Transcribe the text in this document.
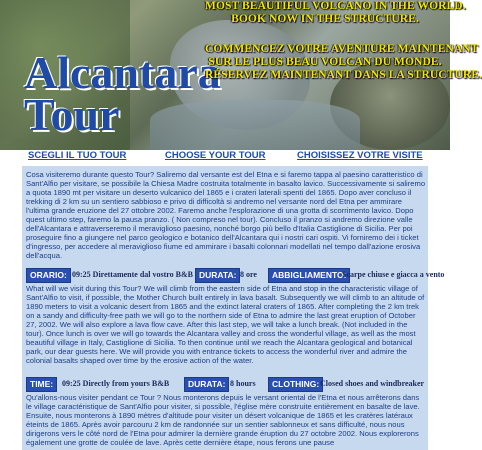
Alcantara
Tour
MOST BEAUTIFUL VOLCANO IN THE WORLD.
BOOK NOW IN THE STRUCTURE.
COMMENCEZ VOTRE AVENTURE MAINTENANT
SUR LE PLUS BEAU VOLCAN DU MONDE.
RÉSERVEZ MAINTENANT DANS LA STRUCTURE.
SCEGLI IL TUO TOUR	CHOOSE YOUR TOUR	CHOISISSEZ VOTRE VISITE

Cosa visiteremo durante questo Tour? Saliremo dal versante est del Etna e si faremo tappa al paesino caratteristico di Sant'Alfio per visitare, se possibile la Chiesa Madre costruita totalmente in basalto lavico. Successivamente si saliremo a quota 1890 mt per visitare un deserto vulcanico del 1865 e i crateri laterali spenti del 1865. Dopo aver concluso il trekking di 2 km su un sentiero sabbioso e privo di difficoltà si andremo nel versante nord del Etna per ammirare l'ultima grande eruzione del 27 ottobre 2002. Faremo anche l'esplorazione di una grotta di scorrimento lavico. Dopo quest ultimo step, faremo la pausa pranzo. ( Non compreso nel tour). Concluso il pranzo si andremo direzione valle dell'Alcantara e attraverseremo il meraviglioso paesino, nonché borgo più bello d'Italia Castiglione di Sicilia. Per poi proseguire fino a giungere nel parco geologico e botanico dell'Alcantara qui i nostri cari ospiti. Vi forniremo dei i ticket d'ingresso, per accedere al meraviglioso fiume ed ammirare i basalti colonnari modellati nel tempo dall'azione erosiva dell'acqua.

ORARIO: 09:25 Direttamente dal vostro B&B DURATA: 8 ore	ABBIGLIAMENTO:
Scarpe chiuse e giacca a vento

What will we visit during this Tour? We will climb from the eastern side of Etna and stop in the characteristic village of Sant'Alfio to visit, if possible, the Mother Church built entirely in lava basalt. Subsequently we will climb to an altitude of 1890 meters to visit a volcanic desert from 1865 and the extinct lateral craters of 1865. After completing the 2 km trek on a sandy and difficulty-free path we will go to the northern side of Etna to admire the last great eruption of October 27, 2002. We will also explore a lava flow cave. After this last step, we will take a lunch break. (Not included in the tour). Once lunch is over we will go towards the Alcantara valley and cross the wonderful village, as well as the most beautiful village in Italy, Castiglione di Sicilia. To then continue until we reach the Alcantara geological and botanical park, our dear guests here. We will provide you with entrance tickets to access the wonderful river and admire the colonial basalts shaped over time by the erosive action of the water.

TIME:	09:25 Directly from yours B&B	DURATA: 8 hours	CLOTHING: Closed shoes and windbreaker

Qu'allons-nous visiter pendant ce Tour ? Nous monterons depuis le versant oriental de l'Etna et nous arrêterons dans le village caractéristique de Sant'Alfio pour visiter, si possible, l'église mère construite entièrement en basalte de lave. Ensuite, nous monterons à 1890 mètres d'altitude pour visiter un désert volcanique de 1865 et les cratères latéraux éteints de 1865. Après avoir parcouru 2 km de randonnée sur un sentier sablonneux et sans difficulté, nous nous dirigerons vers le côté nord de l'Etna pour admirer la dernière grande éruption du 27 octobre 2002. Nous explorerons également une grotte de coulée de lave. Après cette dernière étape, nous ferons une pause
